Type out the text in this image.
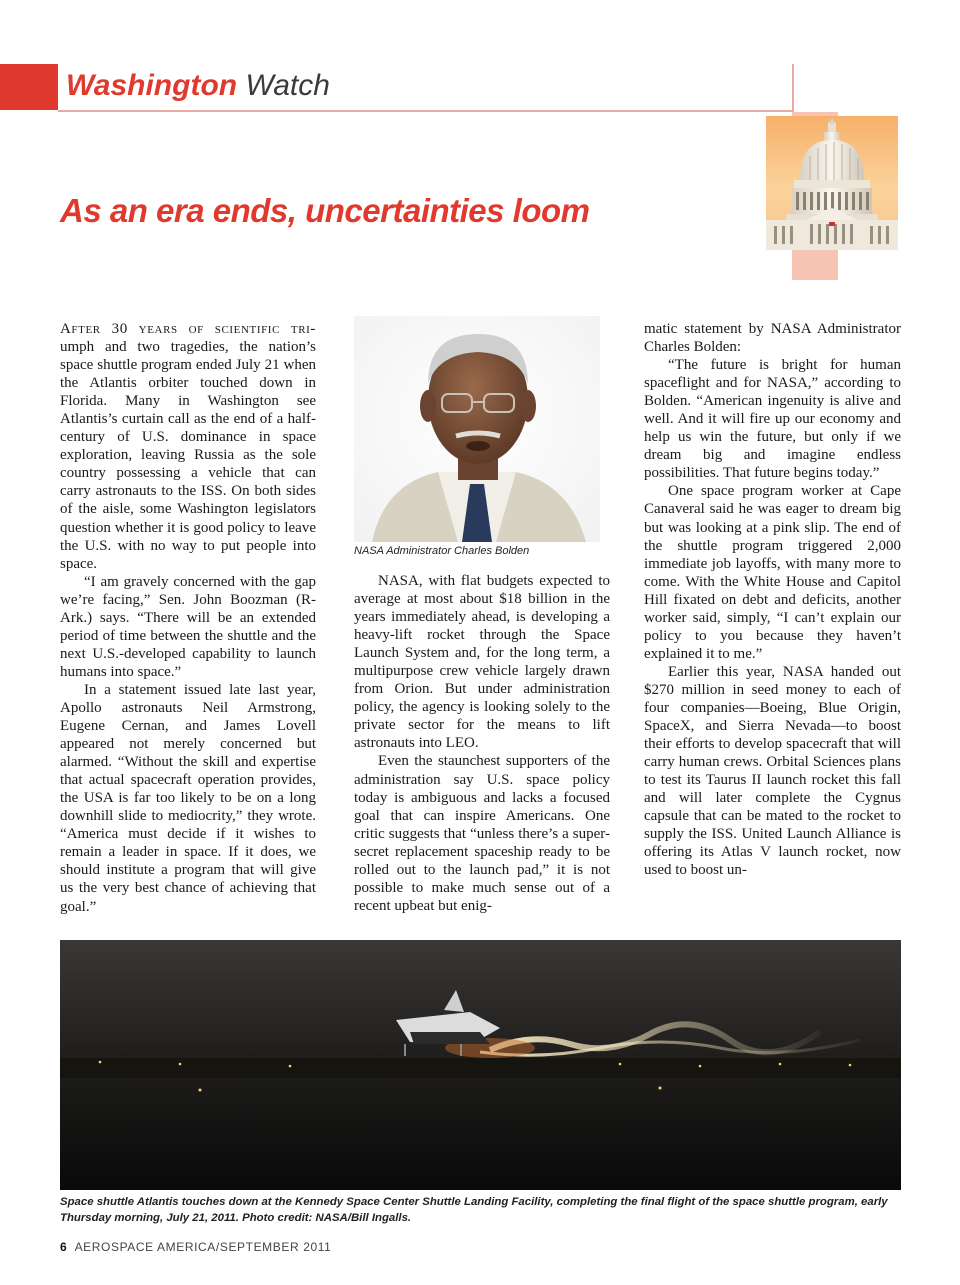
Washington Watch
As an era ends, uncertainties loom

After 30 years of scientific tri- umph and two tragedies, the nation’s space shuttle program ended July 21 when the Atlantis orbiter touched down in Florida. Many in Washington see Atlantis’s curtain call as the end of a half-century of U.S. dominance in space exploration, leaving Russia as the sole country possessing a vehicle that can carry astronauts to the ISS. On both sides of the aisle, some Washington legislators question whether it is good policy to leave the U.S. with no way to put people into space.

“I am gravely concerned with the gap we’re facing,” Sen. John Boozman (R-Ark.) says. “There will be an extended period of time between the shuttle and the next U.S.-developed capability to launch humans into space.”

In a statement issued late last year, Apollo astronauts Neil Armstrong, Eugene Cernan, and James Lovell appeared not merely concerned but alarmed. “Without the skill and expertise that actual spacecraft operation provides, the USA is far too likely to be on a long downhill slide to mediocrity,” they wrote. “America must decide if it wishes to remain a leader in space. If it does, we should institute a program that will give us the very best chance of achieving that goal.”

NASA Administrator Charles Bolden

NASA, with flat budgets expected to average at most about $18 billion in the years immediately ahead, is developing a heavy-lift rocket through the Space Launch System and, for the long term, a multipurpose crew vehicle largely drawn from Orion. But under administration policy, the agency is looking solely to the private sector for the means to lift astronauts into LEO.

Even the staunchest supporters of the administration say U.S. space policy today is ambiguous and lacks a focused goal that can inspire Americans. One critic suggests that “unless there’s a super-secret replacement spaceship ready to be rolled out to the launch pad,” it is not possible to make much sense out of a recent upbeat but enig-

matic statement by NASA Administrator Charles Bolden:

“The future is bright for human spaceflight and for NASA,” according to Bolden. “American ingenuity is alive and well. And it will fire up our economy and help us win the future, but only if we dream big and imagine endless possibilities. That future begins today.”

One space program worker at Cape Canaveral said he was eager to dream big but was looking at a pink slip. The end of the shuttle program triggered 2,000 immediate job layoffs, with many more to come. With the White House and Capitol Hill fixated on debt and deficits, another worker said, simply, “I can’t explain our policy to you because they haven’t explained it to me.”

Earlier this year, NASA handed out $270 million in seed money to each of four companies—Boeing, Blue Origin, SpaceX, and Sierra Nevada—to boost their efforts to develop spacecraft that will carry human crews. Orbital Sciences plans to test its Taurus II launch rocket this fall and will later complete the Cygnus capsule that can be mated to the rocket to supply the ISS. United Launch Alliance is offering its Atlas V launch rocket, now used to boost un-

Space shuttle Atlantis touches down at the Kennedy Space Center Shuttle Landing Facility, completing the final flight of the space shuttle program, early Thursday morning, July 21, 2011. Photo credit: NASA/Bill Ingalls.
6 AEROSPACE AMERICA/SEPTEMBER 2011
